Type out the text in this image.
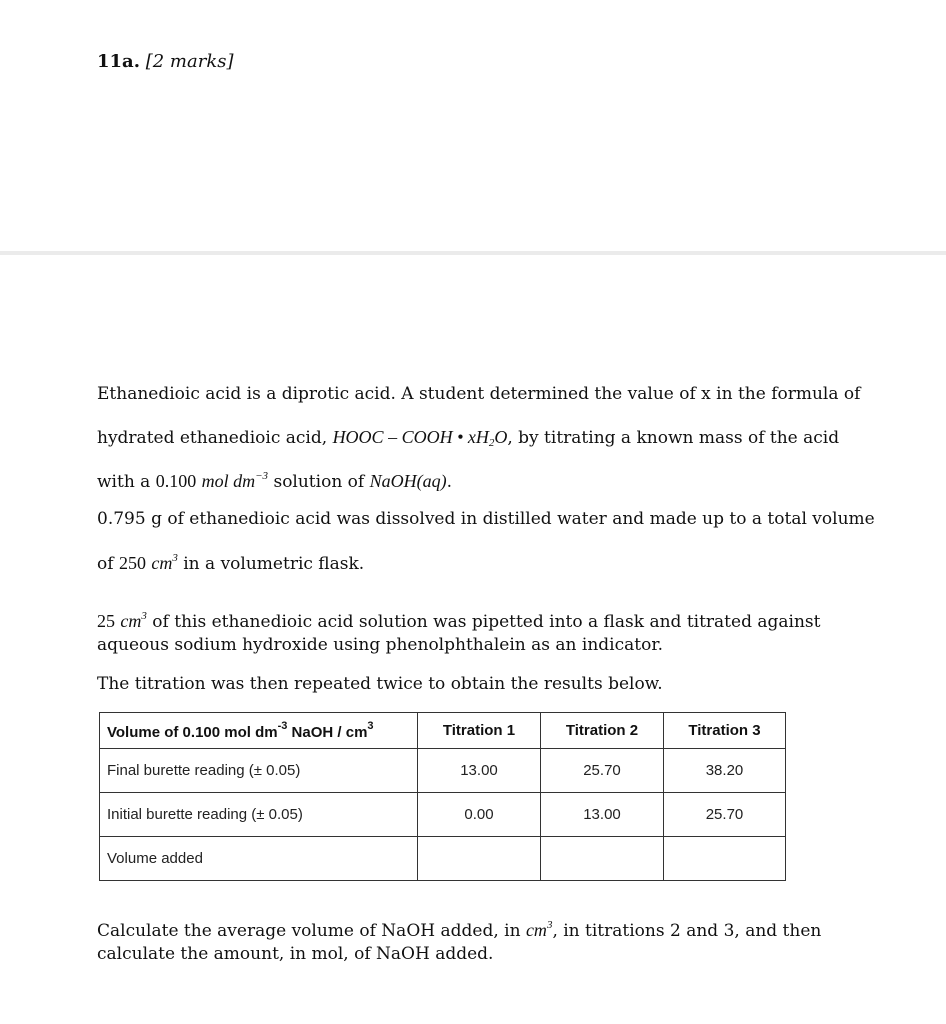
11a. [2 marks]
Ethanedioic acid is a diprotic acid. A student determined the value of x in the formula of
hydrated ethanedioic acid, HOOC – COOH • $xH_2O$, by titrating a known mass of the acid
with a 0.100 mol $dm^{-3}$ solution of NaOH(aq).
0.795 g of ethanedioic acid was dissolved in distilled water and made up to a total volume
of 250 $cm^3$ in a volumetric flask.
25 $cm^3$ of this ethanedioic acid solution was pipetted into a flask and titrated against
aqueous sodium hydroxide using phenolphthalein as an indicator.
The titration was then repeated twice to obtain the results below.
Volume of 0.100 mol $dm^{-3}$ NaOH / $cm^3$	Titration 1	Titration 2	Titration 3
Final burette reading (± 0.05)	13.00	25.70	38.20
Initial burette reading (± 0.05)	0.00	13.00	25.70
Volume added			
Calculate the average volume of NaOH added, in $cm^3$, in titrations 2 and 3, and then
calculate the amount, in mol, of NaOH added.
